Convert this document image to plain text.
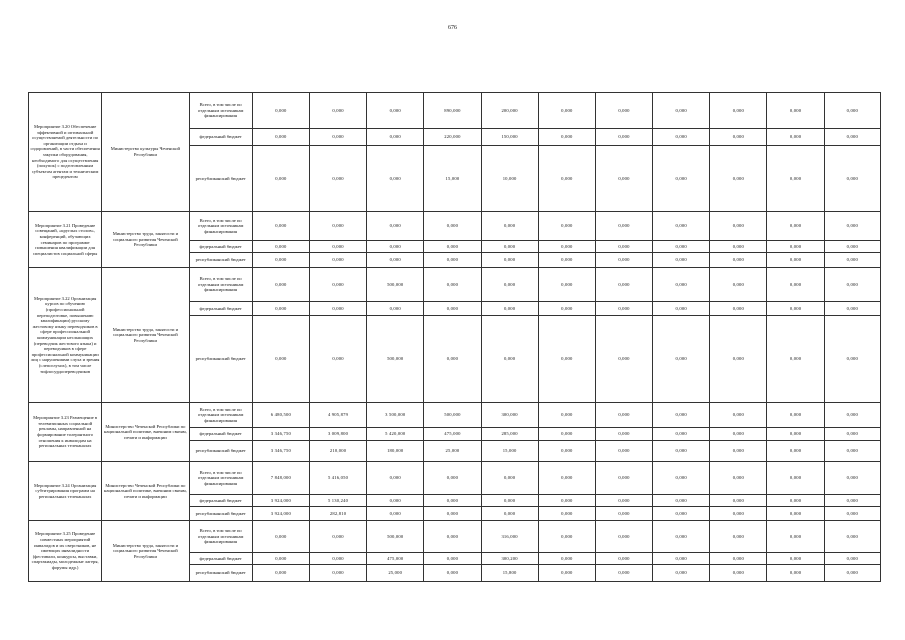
676
Мероприятие 3.20 Обеспечение эффективной и оптимальной осуществляемой деятельности по организации отдыха и оздоровлений, в части обеспечения закупки оборудования, необходимого для осуществления (покупок) с подготовленным субъектам агентам и техническим прецедентом	Министерство культуры Чеченской Республики	Всего, в том числе по отдельным источникам финансирования	0,000	0,000	0,000	890,000	200,000	0,000	0,000	0,000	0,000	0,000	0,000
		федеральный бюджет	0,000	0,000	0,000	220,000	150,000	0,000	0,000	0,000	0,000	0,000	0,000
		республиканский бюджет	0,000	0,000	0,000	15,000	10,000	0,000	0,000	0,000	0,000	0,000	0,000
Мероприятие 3.21 Проведение совещаний, «круглых столов», конференций, обучающих семинаров по программе повышения квалификации для специалистов социальной сферы	Министерство труда, занятости и социального развития Чеченской Республики	Всего, в том числе по отдельным источникам финансирования	0,000	0,000	0,000	0,000	0,000	0,000	0,000	0,000	0,000	0,000	0,000
		федеральный бюджет	0,000	0,000	0,000	0,000	0,000	0,000	0,000	0,000	0,000	0,000	0,000
		республиканский бюджет	0,000	0,000	0,000	0,000	0,000	0,000	0,000	0,000	0,000	0,000	0,000
Мероприятие 3.22 Организация курсов по обучению (профессиональной переподготовке, повышению квалификации) русскому жестовому языку переводчиков в сфере профессиональной коммуникации неслышащих (переводчик жестового языка) и переводчиков в сфере профессиональной коммуникации лиц с нарушениями слуха и зрения (слепоглухих), в том числе тифлосурдопереводчиков	Министерство труда, занятости и социального развития Чеченской Республики	Всего, в том числе по отдельным источникам финансирования	0,000	0,000	500,000	0,000	0,000	0,000	0,000	0,000	0,000	0,000	0,000
		федеральный бюджет	0,000	0,000	0,000	0,000	0,000	0,000	0,000	0,000	0,000	0,000	0,000
		республиканский бюджет	0,000	0,000	500,000	0,000	0,000	0,000	0,000	0,000	0,000	0,000	0,000
Мероприятие 3.23 Размещение в телевизионных социальной рекламы, направленной на формирование толерантного отношения к инвалидам на региональных телеканалах	Министерство Чеченской Республики по национальной политике, внешним связям, печати и информации	Всего, в том числе по отдельным источникам финансирования	6 480,500	4 905,879	3 500,000	500,000	300,000	0,000	0,000	0,000	0,000	0,000	0,000
		федеральный бюджет	3 346,750	3 009,800	5 420,000	475,000	285,000	0,000	0,000	0,000	0,000	0,000	0,000
		республиканский бюджет	3 346,750	210,000	180,000	25,000	15,000	0,000	0,000	0,000	0,000	0,000	0,000
Мероприятие 3.24 Организация субтитрирования программ на региональных телеканалах	Министерство Чеченской Республики по национальной политике, внешним связям, печати и информации	Всего, в том числе по отдельным источникам финансирования	7 848,000	5 416,050	0,000	0,000	0,000	0,000	0,000	0,000	0,000	0,000	0,000
		федеральный бюджет	3 924,000	5 130,240	0,000	0,000	0,000	0,000	0,000	0,000	0,000	0,000	0,000
		республиканский бюджет	3 924,000	282,810	0,000	0,000	0,000	0,000	0,000	0,000	0,000	0,000	0,000
Мероприятие 3.25 Проведение совместных мероприятий инвалидов и их сверстников, не имеющих инвалидности (фестивали, конкурсы, выставки, спартакиады, молодежные лагеря, форумы идр.)	Министерство труда, занятости и социального развития Чеченской Республики	Всего, в том числе по отдельным источникам финансирования	0,000	0,000	500,000	0,000	316,000	0,000	0,000	0,000	0,000	0,000	0,000
		федеральный бюджет	0,000	0,000	475,000	0,000	300,200	0,000	0,000	0,000	0,000	0,000	0,000
		республиканский бюджет	0,000	0,000	25,000	0,000	15,800	0,000	0,000	0,000	0,000	0,000	0,000
